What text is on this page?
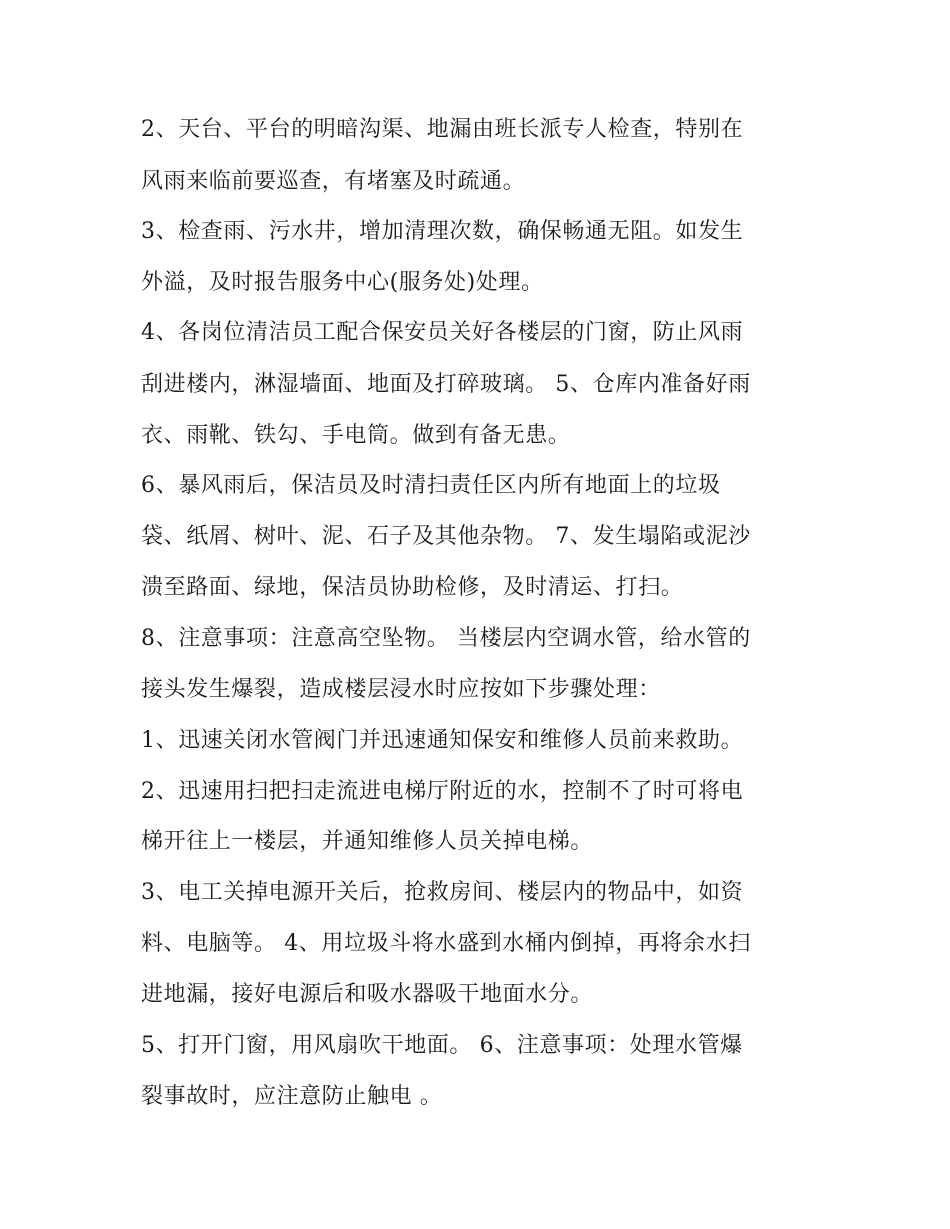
2、天台、平台的明暗沟渠、地漏由班长派专人检查，特别在
风雨来临前要巡查，有堵塞及时疏通。
3、检查雨、污水井，增加清理次数，确保畅通无阻。如发生
外溢，及时报告服务中心(服务处)处理。
4、各岗位清洁员工配合保安员关好各楼层的门窗，防止风雨
刮进楼内，淋湿墙面、地面及打碎玻璃。 5、仓库内准备好雨
衣、雨靴、铁勾、手电筒。做到有备无患。
6、暴风雨后，保洁员及时清扫责任区内所有地面上的垃圾
袋、纸屑、树叶、泥、石子及其他杂物。 7、发生塌陷或泥沙
溃至路面、绿地，保洁员协助检修，及时清运、打扫。
8、注意事项：注意高空坠物。 当楼层内空调水管，给水管的
接头发生爆裂，造成楼层浸水时应按如下步骤处理：
1、迅速关闭水管阀门并迅速通知保安和维修人员前来救助。
2、迅速用扫把扫走流进电梯厅附近的水，控制不了时可将电
梯开往上一楼层，并通知维修人员关掉电梯。
3、电工关掉电源开关后，抢救房间、楼层内的物品中，如资
料、电脑等。 4、用垃圾斗将水盛到水桶内倒掉，再将余水扫
进地漏，接好电源后和吸水器吸干地面水分。
5、打开门窗，用风扇吹干地面。 6、注意事项：处理水管爆
裂事故时，应注意防止触电 。
